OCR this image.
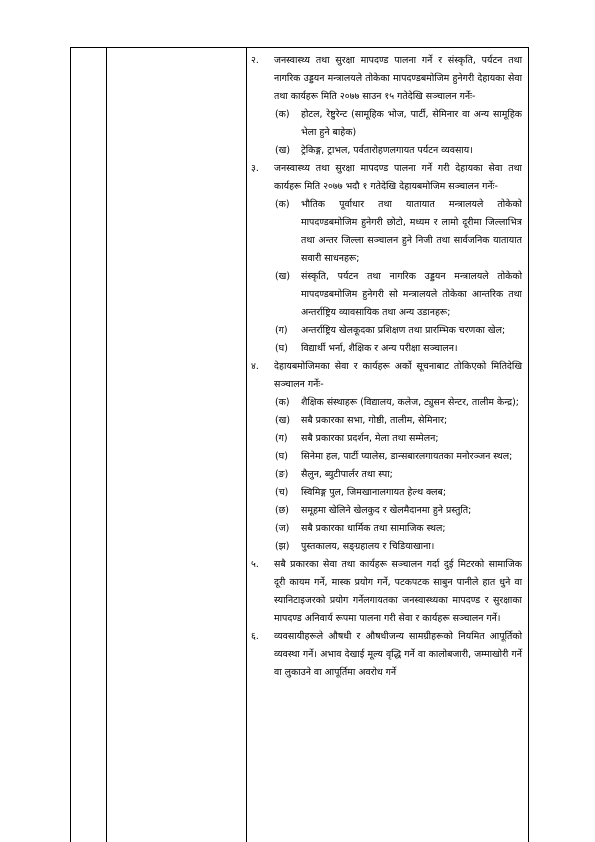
२.	जनस्वास्थ्य तथा सुरक्षा मापदण्ड पालना गर्ने र संस्कृति, पर्यटन तथा नागरिक उड्डयन मन्त्रालयले तोकेका मापदण्डबमोजिम हुनेगरी देहायका सेवा तथा कार्यहरू मिति २०७७ साउन १५ गतेदेखि सञ्चालन गर्नेः-
(क) होटल, रेष्टुरेन्ट (सामूहिक भोज, पार्टी, सेमिनार वा अन्य सामूहिक भेला हुने बाहेक)
(ख) ट्रेकिङ्ग, ट्राभल, पर्वतारोहणलगायत पर्यटन व्यवसाय।
३.	जनस्वास्थ्य तथा सुरक्षा मापदण्ड पालना गर्ने गरी देहायका सेवा तथा कार्यहरू मिति २०७७ भदौ १ गतेदेखि देहायबमोजिम सञ्चालन गर्नेः-
(क) भौतिक पूर्वाधार तथा यातायात मन्त्रालयले तोकेको मापदण्डबमोजिम हुनेगरी छोटो, मध्यम र लामो दूरीमा जिल्लाभित्र तथा अन्तर जिल्ला सञ्चालन हुने निजी तथा सार्वजनिक यातायात सवारी साधनहरू;
(ख) संस्कृति, पर्यटन तथा नागरिक उड्डयन मन्त्रालयले तोकेको मापदण्डबमोजिम हुनेगरी सो मन्त्रालयले तोकेका आन्तरिक तथा अन्तर्राष्ट्रिय व्यावसायिक तथा अन्य उडानहरू;
(ग) अन्तर्राष्ट्रिय खेलकूदका प्रशिक्षण तथा प्रारम्भिक चरणका खेल;
(घ) विद्यार्थी भर्ना, शैक्षिक र अन्य परीक्षा सञ्चालन।
४.	देहायबमोजिमका सेवा र कार्यहरू अर्को सूचनाबाट तोकिएको मितिदेखि सञ्चालन गर्नेः-
(क) शैक्षिक संस्थाहरू (विद्यालय, कलेज, ट्युसन सेन्टर, तालीम केन्द्र);
(ख) सबै प्रकारका सभा, गोष्ठी, तालीम, सेमिनार;
(ग) सबै प्रकारका प्रदर्शन, मेला तथा सम्मेलन;
(घ) सिनेमा हल, पार्टी प्यालेस, डान्सबारलगायतका मनोरञ्जन स्थल;
(ङ) सैलुन, ब्युटीपार्लर तथा स्पा;
(च) स्विमिङ्ग पुल, जिमखानालगायत हेल्थ क्लब;
(छ) समूहमा खेलिने खेलकुद र खेलमैदानमा हुने प्रस्तुति;
(ज) सबै प्रकारका धार्मिक तथा सामाजिक स्थल;
(झ) पुस्तकालय, सङ्ग्रहालय र चिडियाखाना।
५.	सबै प्रकारका सेवा तथा कार्यहरू सञ्चालन गर्दा दुई मिटरको सामाजिक दूरी कायम गर्ने, मास्क प्रयोग गर्ने, पटकपटक साबुन पानीले हात धुने वा स्यानिटाइजरको प्रयोग गर्नेलगायतका जनस्वास्थ्यका मापदण्ड र सुरक्षाका मापदण्ड अनिवार्य रूपमा पालना गरी सेवा र कार्यहरू सञ्चालन गर्ने।
६.	व्यवसायीहरूले औषधी र औषधीजन्य सामग्रीहरूको नियमित आपूर्तिको व्यवस्था गर्ने। अभाव देखाई मूल्य वृद्धि गर्ने वा कालोबजारी, जम्माखोरी गर्ने वा लुकाउने वा आपूर्तिमा अवरोध गर्ने
